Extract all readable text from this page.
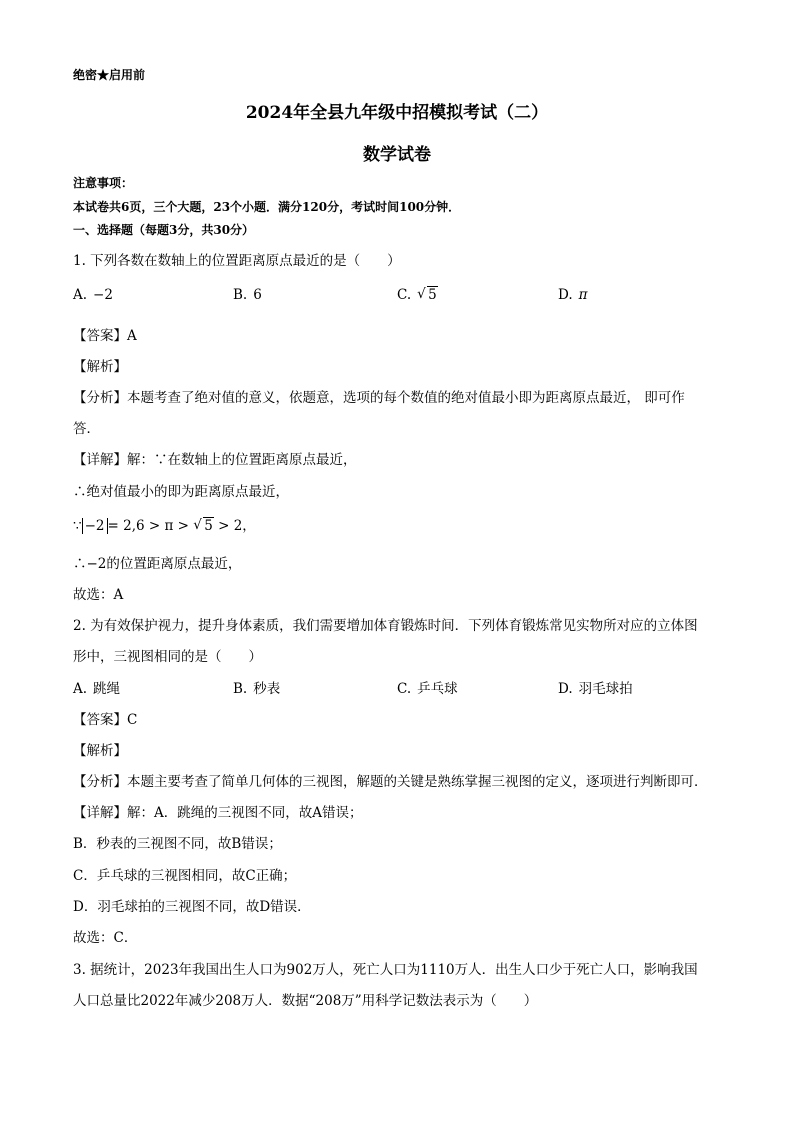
绝密★启用前
2024年全县九年级中招模拟考试（二）
数学试卷
注意事项：
本试卷共6页，三个大题，23个小题．满分120分，考试时间100分钟．
一、选择题（每题3分，共30分）
1. 下列各数在数轴上的位置距离原点最近的是（　　）
A. −2	B. 6	C.√ 5	D. π
【答案】A
【解析】
【分析】本题考查了绝对值的意义，依题意，选项的每个数值的绝对值最小即为距离原点最近， 即可作
答．
【详解】解：∵在数轴上的位置距离原点最近，
∴绝对值最小的即为距离原点最近，
∵ −2 = 2,6 > π > √ 5 > 2，
∴−2的位置距离原点最近，
故选：A
2. 为有效保护视力，提升身体素质，我们需要增加体育锻炼时间．下列体育锻炼常见实物所对应的立体图
形中，三视图相同的是（　　）
A. 跳绳	B. 秒表	C. 乒乓球	D. 羽毛球拍
【答案】C
【解析】
【分析】本题主要考查了简单几何体的三视图，解题的关键是熟练掌握三视图的定义，逐项进行判断即可．
【详解】解：A．跳绳的三视图不同，故A错误；
B．秒表的三视图不同，故B错误；
C．乒乓球的三视图相同，故C正确；
D．羽毛球拍的三视图不同，故D错误．
故选：C．
3. 据统计，2023年我国出生人口为902万人，死亡人口为1110万人．出生人口少于死亡人口，影响我国
人口总量比2022年减少208万人．数据“208万”用科学记数法表示为（　　）
